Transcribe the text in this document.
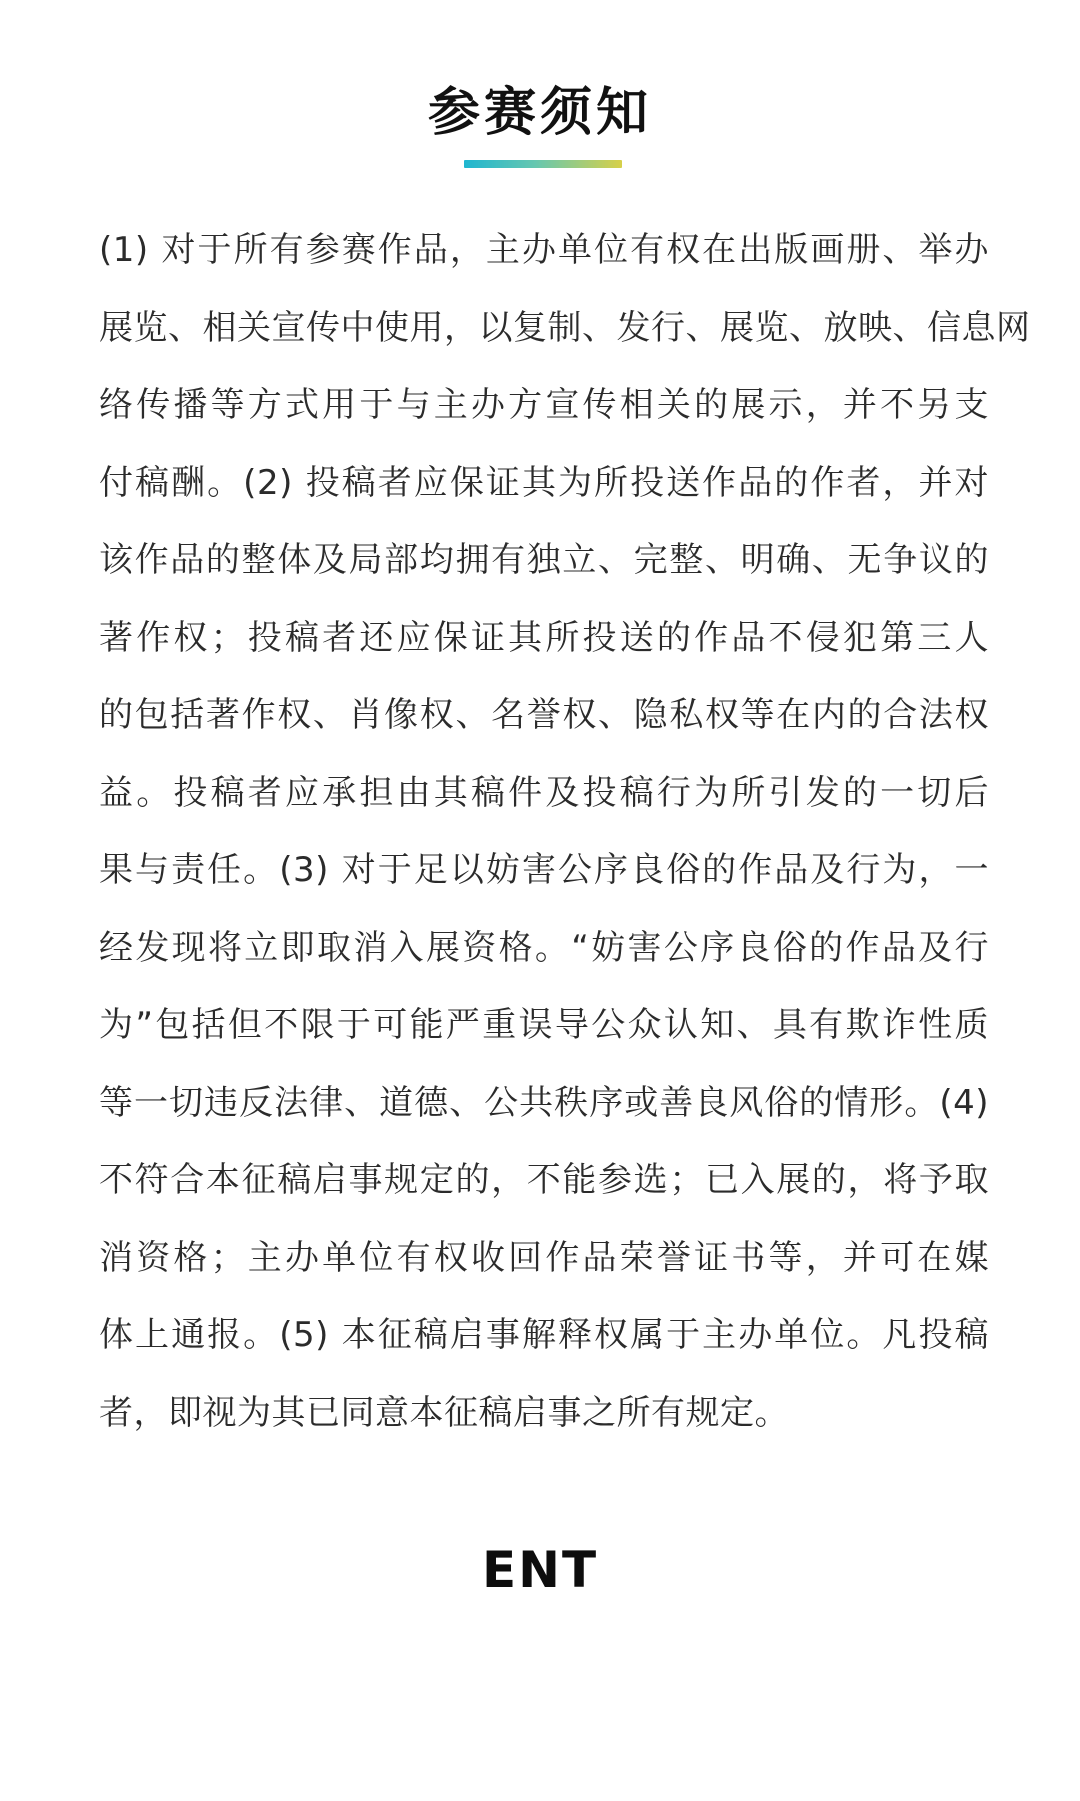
参赛须知
(1) 对于所有参赛作品，主办单位有权在出版画册、举办
展览、相关宣传中使用，以复制、发行、展览、放映、信息网
络传播等方式用于与主办方宣传相关的展示，并不另支
付稿酬。(2) 投稿者应保证其为所投送作品的作者，并对
该作品的整体及局部均拥有独立、完整、明确、无争议的
著作权；投稿者还应保证其所投送的作品不侵犯第三人
的包括著作权、肖像权、名誉权、隐私权等在内的合法权
益。投稿者应承担由其稿件及投稿行为所引发的一切后
果与责任。(3) 对于足以妨害公序良俗的作品及行为，一
经发现将立即取消入展资格。“妨害公序良俗的作品及行
为”包括但不限于可能严重误导公众认知、具有欺诈性质
等一切违反法律、道德、公共秩序或善良风俗的情形。(4)
不符合本征稿启事规定的，不能参选；已入展的，将予取
消资格；主办单位有权收回作品荣誉证书等，并可在媒
体上通报。(5) 本征稿启事解释权属于主办单位。凡投稿
者，即视为其已同意本征稿启事之所有规定。
ENT
